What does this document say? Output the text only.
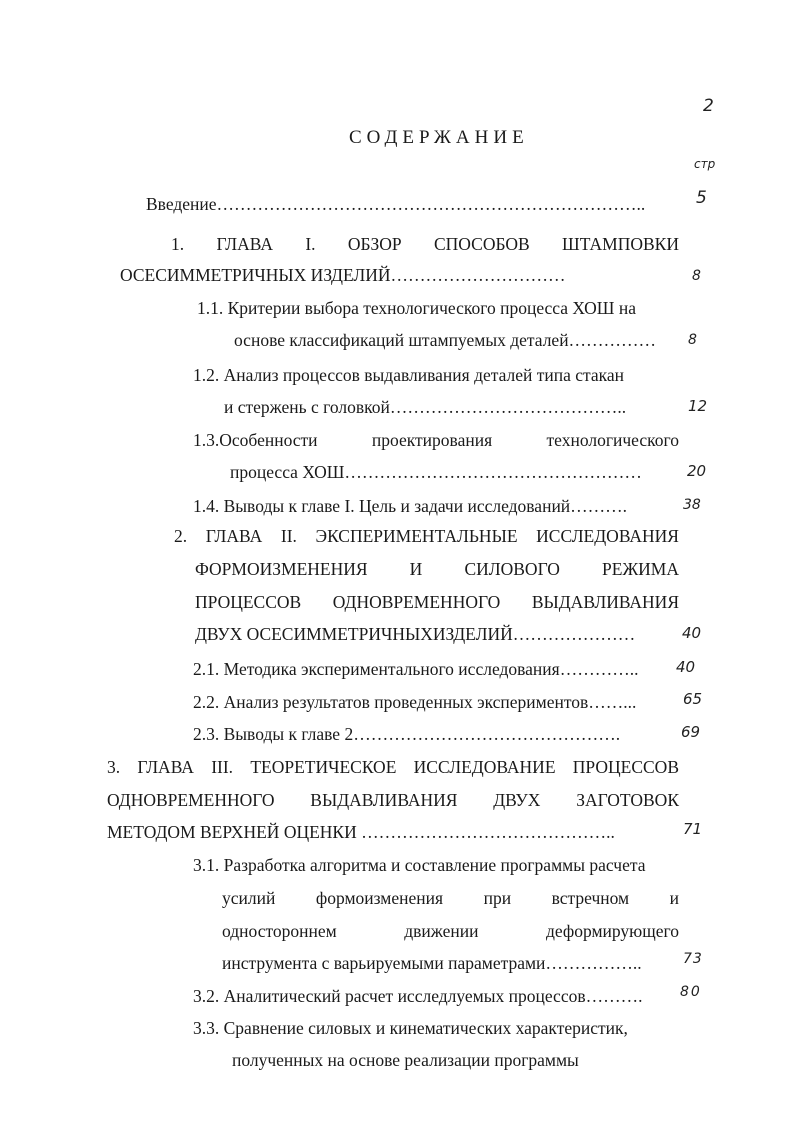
2
СОДЕРЖАНИЕ
стр
Введение………………………………………………………………..	5
1. ГЛАВА I. ОБЗОР СПОСОБОВ ШТАМПОВКИ
ОСЕСИММЕТРИЧНЫХ ИЗДЕЛИЙ…………………………	8
1.1. Критерии выбора технологического процесса ХОШ на
основе классификаций штампуемых деталей…………… 8
1.2. Анализ процессов выдавливания деталей типа стакан
и стержень с головкой…………………………………..	12
1.3.Особенности	проектирования	технологического
процесса ХОШ……………………………………………	20
1.4. Выводы к главе I. Цель и задачи исследований……….	38
2. ГЛАВА II. ЭКСПЕРИМЕНТАЛЬНЫЕ ИССЛЕДОВАНИЯ
ФОРМОИЗМЕНЕНИЯ И СИЛОВОГО РЕЖИМА
ПРОЦЕССОВ ОДНОВРЕМЕННОГО ВЫДАВЛИВАНИЯ
ДВУХ ОСЕСИММЕТРИЧНЫХИЗДЕЛИЙ…………………	40
2.1. Методика экспериментального исследования…………..	40
2.2. Анализ результатов проведенных экспериментов……...	65
2.3. Выводы к главе 2……………………………………….	69
3. ГЛАВА III. ТЕОРЕТИЧЕСКОЕ ИССЛЕДОВАНИЕ ПРОЦЕССОВ
ОДНОВРЕМЕННОГО ВЫДАВЛИВАНИЯ ДВУХ ЗАГОТОВОК
МЕТОДОМ ВЕРХНЕЙ ОЦЕНКИ ……………………………………..	71
3.1. Разработка алгоритма и составление программы расчета
усилий формоизменения при встречном и
одностороннем	движении	деформирующего
инструмента с варьируемыми параметрами……………..	73
3.2. Аналитический расчет исследлуемых процессов……….	80
3.3. Сравнение силовых и кинематических характеристик,
полученных на основе реализации программы
